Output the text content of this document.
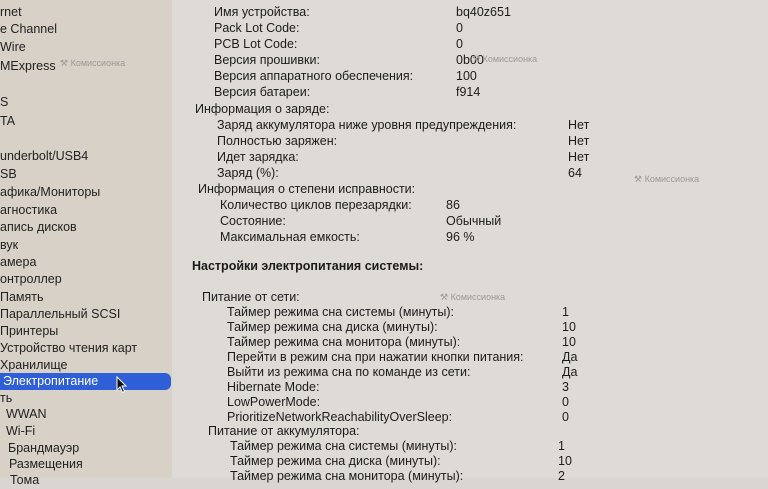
rnet
e Channel
Wire
MExpress
S
TA
underbolt/USB4
SB
афика/Мониторы
агностика
апись дисков
вук
амера
онтроллер
Память
Параллельный SCSI
Принтеры
Устройство чтения карт
Хранилище
Электропитание
ть
WWAN
Wi-Fi
Брандмауэр
Размещения
Тома
Имя устройства:	bq40z651
Pack Lot Code:	0
PCB Lot Code:	0
Версия прошивки:	0b00
Версия аппаратного обеспечения:	100
Версия батареи:	f914
Информация о заряде:
Заряд аккумулятора ниже уровня предупреждения:	Нет
Полностью заряжен:	Нет
Идет зарядка:	Нет
Заряд (%):	64
Информация о степени исправности:
Количество циклов перезарядки:	86
Состояние:	Обычный
Максимальная емкость:	96 %
Настройки электропитания системы:
Питание от сети:
Таймер режима сна системы (минуты):	1
Таймер режима сна диска (минуты):	10
Таймер режима сна монитора (минуты):	10
Перейти в режим сна при нажатии кнопки питания:	Да
Выйти из режима сна по команде из сети:	Да
Hibernate Mode:	3
LowPowerMode:	0
PrioritizeNetworkReachabilityOverSleep:	0
Питание от аккумулятора:
Таймер режима сна системы (минуты):	1
Таймер режима сна диска (минуты):	10
Таймер режима сна монитора (минуты):	2
⚒ Комиссионка
⚒ Комиссионка
⚒ Комиссионка
⚒ Комиссионка
